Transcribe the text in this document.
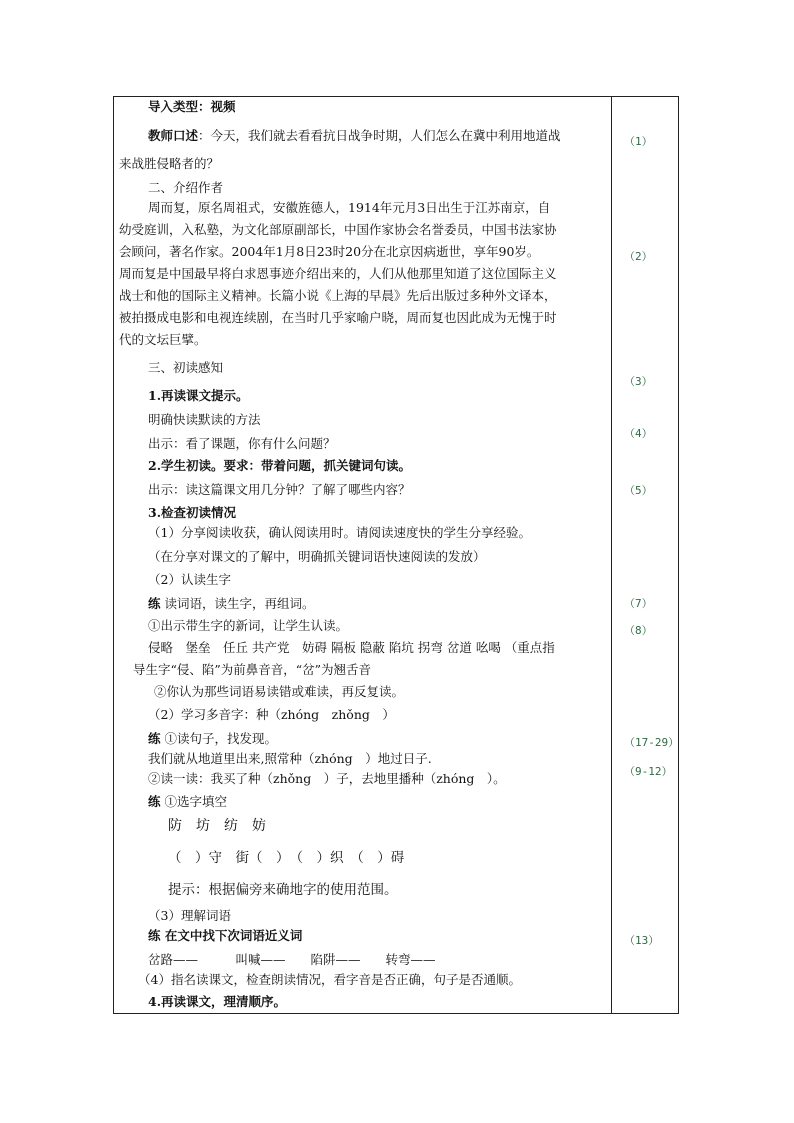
导入类型：视频
教师口述：今天，我们就去看看抗日战争时期，人们怎么在冀中利用地道战
来战胜侵略者的？
二、介绍作者
周而复，原名周祖式，安徽旌德人，1914年元月3日出生于江苏南京，自
幼受庭训，入私塾，为文化部原副部长，中国作家协会名誉委员，中国书法家协
会顾问，著名作家。2004年1月8日23时20分在北京因病逝世，享年90岁。
周而复是中国最早将白求恩事迹介绍出来的，人们从他那里知道了这位国际主义
战士和他的国际主义精神。长篇小说《上海的早晨》先后出版过多种外文译本，
被拍摄成电影和电视连续剧，在当时几乎家喻户晓，周而复也因此成为无愧于时
代的文坛巨擘。
三、初读感知
1.再读课文提示。
明确快读默读的方法
出示：看了课题，你有什么问题？
2.学生初读。要求：带着问题，抓关键词句读。
出示：读这篇课文用几分钟？了解了哪些内容？
3.检查初读情况
（1）分享阅读收获，确认阅读用时。请阅读速度快的学生分享经验。
（在分享对课文的了解中，明确抓关键词语快速阅读的发放）
（2）认读生字
练 读词语，读生字，再组词。
①出示带生字的新词，让学生认读。
侵略　堡垒　任丘 共产党　妨碍 隔板 隐蔽 陷坑 拐弯 岔道 吆喝 （重点指
导生字“侵、陷”为前鼻音音，“岔”为翘舌音
②你认为那些词语易读错或难读，再反复读。
（2）学习多音字：种（zhóng　zhǒng　）
练 ①读句子，找发现。
我们就从地道里出来,照常种（zhóng　）地过日子.
②读一读：我买了种（zhǒng　）子，去地里播种（zhóng　）。
练 ①选字填空
防　坊　纺　妨
（　）守　街（　）　（　）织　（　）碍
提示：根据偏旁来确地字的使用范围。
（3）理解词语
练 在文中找下次词语近义词
岔路——　　　叫喊——　　陷阱——　　转弯——
（4）指名读课文，检查朗读情况，看字音是否正确，句子是否通顺。
4.再读课文，理清顺序。
（1）
（2）
（3）
（4）
（5）
（7）
（8）
（17-29）
（9-12）
（13）
